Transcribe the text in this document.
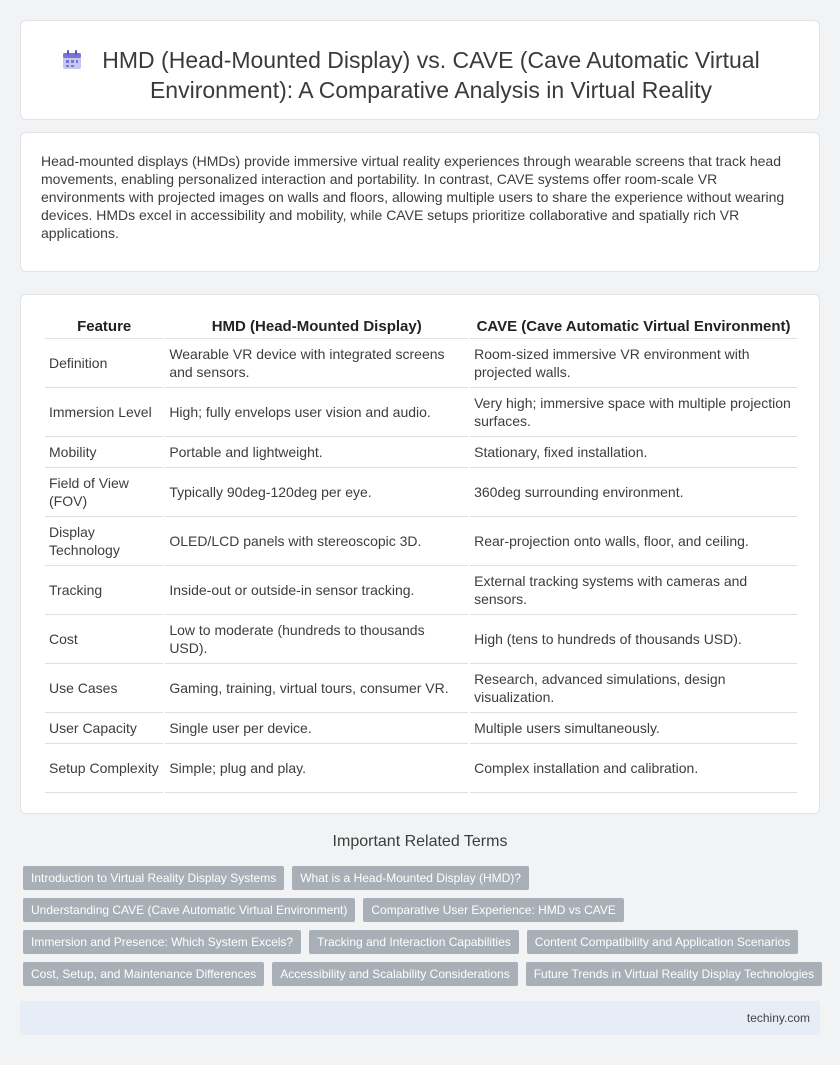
HMD (Head-Mounted Display) vs. CAVE (Cave Automatic Virtual Environment): A Comparative Analysis in Virtual Reality

Head-mounted displays (HMDs) provide immersive virtual reality experiences through wearable screens that track head movements, enabling personalized interaction and portability. In contrast, CAVE systems offer room-scale VR environments with projected images on walls and floors, allowing multiple users to share the experience without wearing devices. HMDs excel in accessibility and mobility, while CAVE setups prioritize collaborative and spatially rich VR applications.

Feature	HMD (Head-Mounted Display)	CAVE (Cave Automatic Virtual Environment)
Definition	Wearable VR device with integrated screens and sensors.	Room-sized immersive VR environment with projected walls.
Immersion Level	High; fully envelops user vision and audio.	Very high; immersive space with multiple projection surfaces.
Mobility	Portable and lightweight.	Stationary, fixed installation.
Field of View (FOV)	Typically 90deg-120deg per eye.	360deg surrounding environment.
Display Technology	OLED/LCD panels with stereoscopic 3D.	Rear-projection onto walls, floor, and ceiling.
Tracking	Inside-out or outside-in sensor tracking.	External tracking systems with cameras and sensors.
Cost	Low to moderate (hundreds to thousands USD).	High (tens to hundreds of thousands USD).
Use Cases	Gaming, training, virtual tours, consumer VR.	Research, advanced simulations, design visualization.
User Capacity	Single user per device.	Multiple users simultaneously.
Setup Complexity	Simple; plug and play.	Complex installation and calibration.
Important Related Terms
Introduction to Virtual Reality Display Systems	What is a Head-Mounted Display (HMD)?
Understanding CAVE (Cave Automatic Virtual Environment)	Comparative User Experience: HMD vs CAVE
Immersion and Presence: Which System Excels?	Tracking and Interaction Capabilities	Content Compatibility and Application Scenarios
Cost, Setup, and Maintenance Differences	Accessibility and Scalability Considerations	Future Trends in Virtual Reality Display Technologies
techiny.com
